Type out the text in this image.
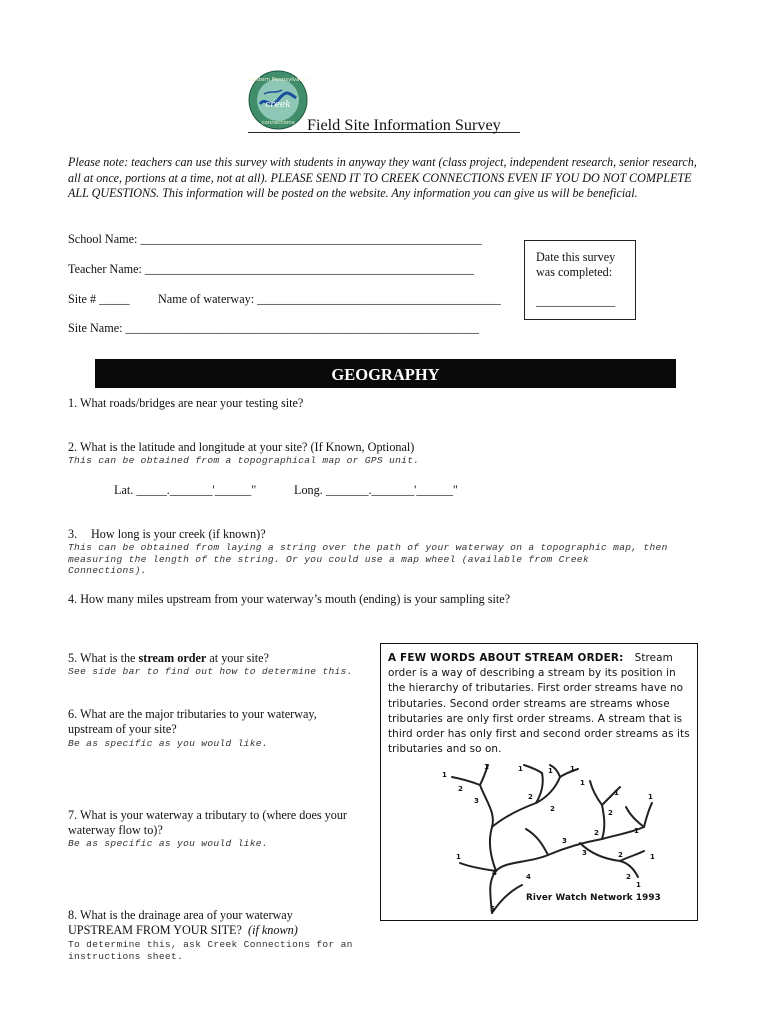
western Pennsylvania
creek
connections Field Site Information Survey
Please note: teachers can use this survey with students in anyway they want (class project, independent research, senior research, all at once, portions at a time, not at all). PLEASE SEND IT TO CREEK CONNECTIONS EVEN IF YOU DO NOT COMPLETE ALL QUESTIONS. This information will be posted on the website. Any information you can give us will be beneficial.
School Name: ________________________________________________________
Teacher Name: ______________________________________________________
Site # _____ Name of waterway: ________________________________________
Site Name: __________________________________________________________
Date this survey
was completed:
_____________
GEOGRAPHY
1. What roads/bridges are near your testing site?
2. What is the latitude and longitude at your site? (If Known, Optional)
This can be obtained from a topographical map or GPS unit.
Lat. _____._______'______"	Long. _______._______'______"
3. How long is your creek (if known)?
This can be obtained from laying a string over the path of your waterway on a topographic map, then measuring the length of the string. Or you could use a map wheel (available from Creek Connections).
4. How many miles upstream from your waterway’s mouth (ending) is your sampling site?
5. What is the stream order at your site?
See side bar to find out how to determine this.
6. What are the major tributaries to your waterway, upstream of your site?
Be as specific as you would like.
7. What is your waterway a tributary to (where does your waterway flow to)?
Be as specific as you would like.
8. What is the drainage area of your waterway UPSTREAM FROM YOUR SITE? (if known)
To determine this, ask Creek Connections for an instructions sheet.
A FEW WORDS ABOUT STREAM ORDER: Stream order is a way of describing a stream by its position in the hierarchy of tributaries. First order streams have no tributaries. Second order streams are streams whose tributaries are only first order streams. A stream that is third order has only first and second order streams as its tributaries and so on.
1
1	1	1 1
1
1	1
1
1
1
1
2
2
2	2
2
2
2
3
3
3
4	4
5
River Watch Network 1993
